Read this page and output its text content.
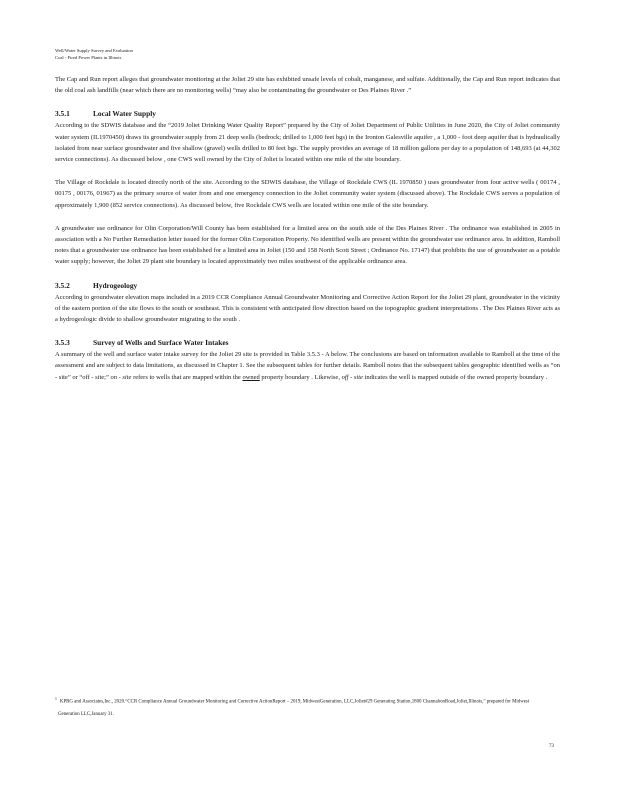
Well/Water Supply Survey and Evaluation

Coal - Fired Power Plants in Illinois

The Cap and Run report alleges that groundwater monitoring at the Joliet 29 site has exhibited unsafe levels of cobalt, manganese, and sulfate. Additionally, the Cap and Run report indicates that the old coal ash landfills (near which there are no monitoring wells) “may also be contaminating the groundwater or Des Plaines River .”

3.5.1	Local Water Supply

According to the SDWIS database and the “2019 Joliet Drinking Water Quality Report” prepared by the City of Joliet Department of Public Utilities in June 2020, the City of Joliet community water system (IL1970450) draws its groundwater supply from 21 deep wells (bedrock; drilled to 1,000 feet bgs) in the Ironton Galesville aquifer , a 1,000 - foot deep aquifer that is hydraulically isolated from near surface groundwater and five shallow (gravel) wells drilled to 80 feet bgs. The supply provides an average of 18 million gallons per day to a population of 148,693 (at 44,302 service connections). As discussed below , one CWS well owned by the City of Joliet is located within one mile of the site boundary.

The Village of Rockdale is located directly north of the site. According to the SDWIS database, the Village of Rockdale CWS (IL 1970850 ) uses groundwater from four active wells ( 00174 , 00175 , 00176, 01967) as the primary source of water from and one emergency connection to the Joliet community water system (discussed above). The Rockdale CWS serves a population of approximately 1,900 (852 service connections). As discussed below, five Rockdale CWS wells are located within one mile of the site boundary.

A groundwater use ordinance for Olin Corporation/Will County has been established for a limited area on the south side of the Des Plaines River . The ordinance was established in 2005 in association with a No Further Remediation letter issued for the former Olin Corporation Property. No identified wells are present within the groundwater use ordinance area. In addition, Ramboll notes that a groundwater use ordinance has been established for a limited area in Joliet (150 and 158 North Scott Street ; Ordinance No. 17147) that prohibits the use of groundwater as a potable water supply; however, the Joliet 29 plant site boundary is located approximately two miles southwest of the applicable ordinance area.

3.5.2	Hydrogeology

According to groundwater elevation maps included in a 2019 CCR Compliance Annual Groundwater Monitoring and Corrective Action Report for the Joliet 29 plant, groundwater in the vicinity of the eastern portion of the site flows to the south or southeast. This is consistent with anticipated flow direction based on the topographic gradient interpretations . The Des Plaines River acts as a hydrogeologic divide to shallow groundwater migrating to the south .

3.5.3	Survey of Wells and Surface Water Intakes

A summary of the well and surface water intake survey for the Joliet 29 site is provided in Table 3.5.3 - A below. The conclusions are based on information available to Ramboll at the time of the assessment and are subject to data limitations, as discussed in Chapter 1. See the subsequent tables for further details. Ramboll notes that the subsequent tables geographic identified wells as “on - site” or “off - site;” on - site refers to wells that are mapped within the owned property boundary . Likewise, off - site indicates the well is mapped outside of the owned property boundary .

$^1$KPRG and Associates,Inc., 2020.“CCR Compliance Annual Groundwater Monitoring and Corrective ActionReport – 2019, MidwestGeneration, LLC,Joliet#29 Generating Station,1800 ChannahonRoad,Joliet,Illinois,” prepared for Midwest

Generation LLC,January 31.

73
